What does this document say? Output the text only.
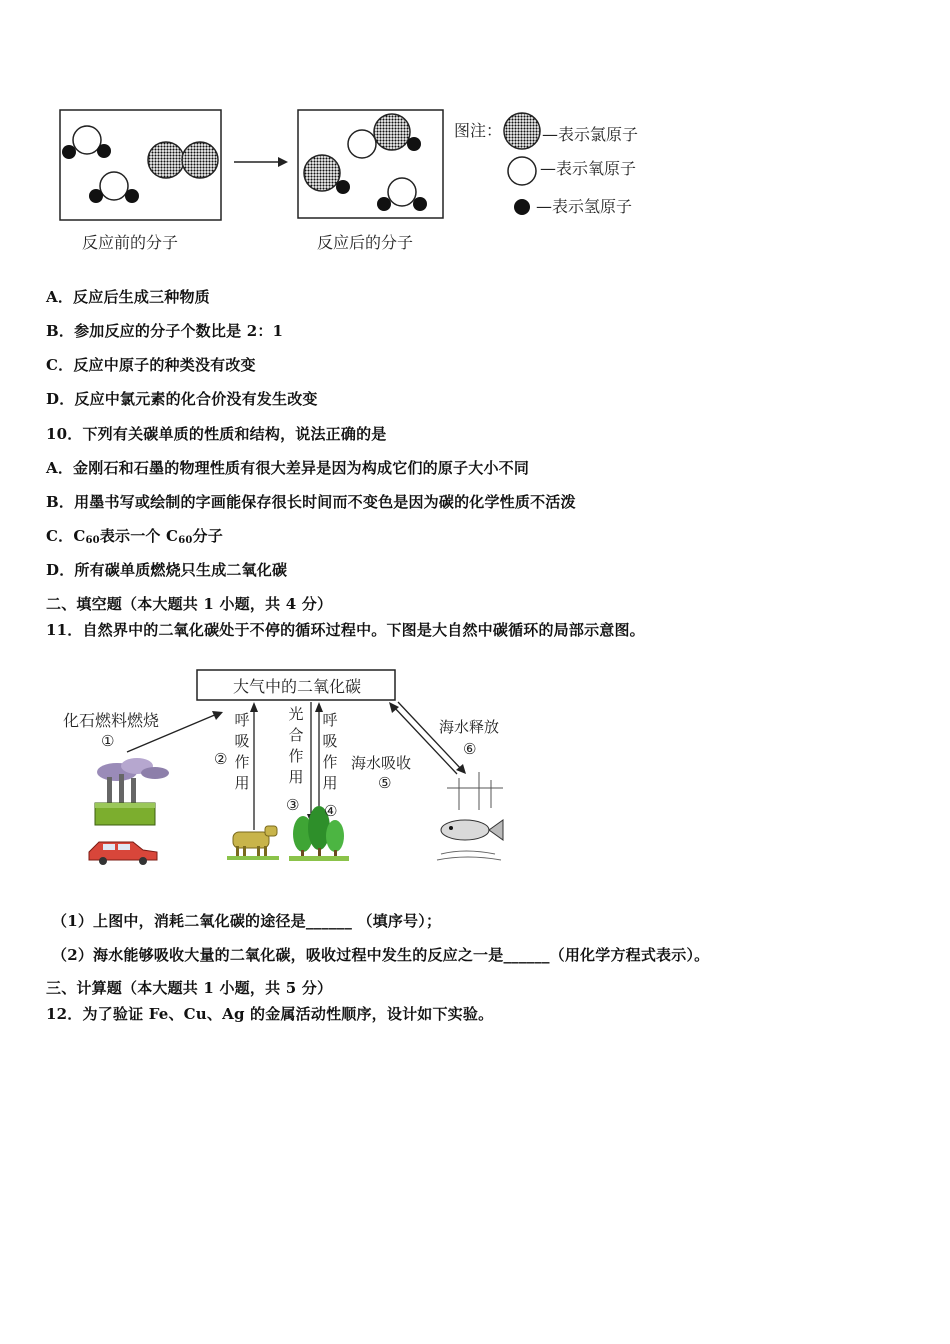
反应前的分子	反应后的分子
图注： —表示氯原子
—表示氧原子
—表示氢原子
A．反应后生成三种物质
B．参加反应的分子个数比是 2：1
C．反应中原子的种类没有改变
D．反应中氯元素的化合价没有发生改变
10．下列有关碳单质的性质和结构，说法正确的是
A．金刚石和石墨的物理性质有很大差异是因为构成它们的原子大小不同
B．用墨书写或绘制的字画能保存很长时间而不变色是因为碳的化学性质不活泼
C．$C_{60}$表示一个 $C_{60}$分子
D．所有碳单质燃烧只生成二氧化碳
二、填空题（本大题共 1 小题，共 4 分）
11．自然界中的二氧化碳处于不停的循环过程中。下图是大自然中碳循环的局部示意图。
大气中的二氧化碳
化石燃料燃烧
①
呼吸作用
②
光合作用
③
呼吸作用
④
海水吸收
⑤
海水释放
⑥
（1）上图中，消耗二氧化碳的途径是______ （填序号）；
（2）海水能够吸收大量的二氧化碳，吸收过程中发生的反应之一是______（用化学方程式表示）。
三、计算题（本大题共 1 小题，共 5 分）
12．为了验证 Fe、Cu、Ag 的金属活动性顺序，设计如下实验。
